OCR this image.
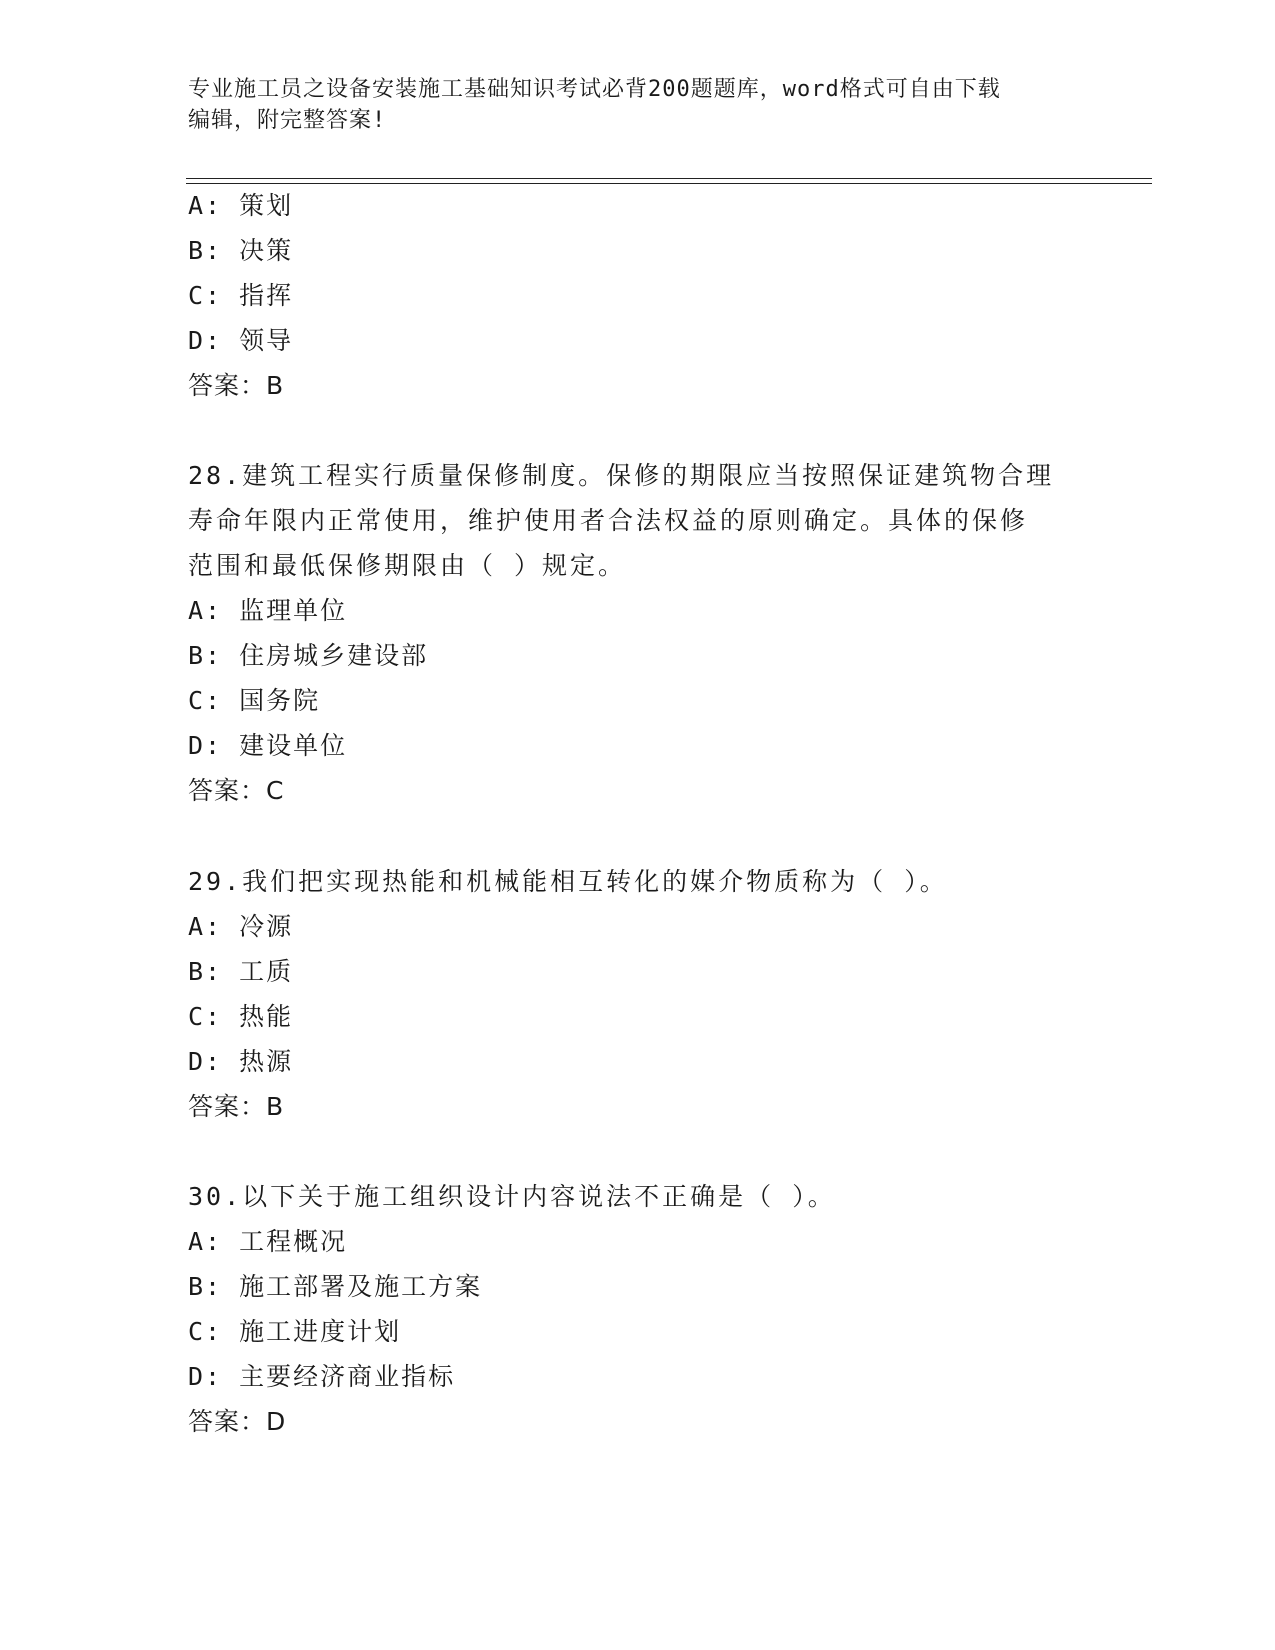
专业施工员之设备安装施工基础知识考试必背200题题库，word格式可自由下载
编辑，附完整答案!
A: 策划
B: 决策
C: 指挥
D: 领导
答案：B
28.建筑工程实行质量保修制度。保修的期限应当按照保证建筑物合理
寿命年限内正常使用，维护使用者合法权益的原则确定。具体的保修
范围和最低保修期限由（ ）规定。
A: 监理单位
B: 住房城乡建设部
C: 国务院
D: 建设单位
答案：C
29.我们把实现热能和机械能相互转化的媒介物质称为（ ）。
A: 冷源
B: 工质
C: 热能
D: 热源
答案：B
30.以下关于施工组织设计内容说法不正确是（ ）。
A: 工程概况
B: 施工部署及施工方案
C: 施工进度计划
D: 主要经济商业指标
答案：D
